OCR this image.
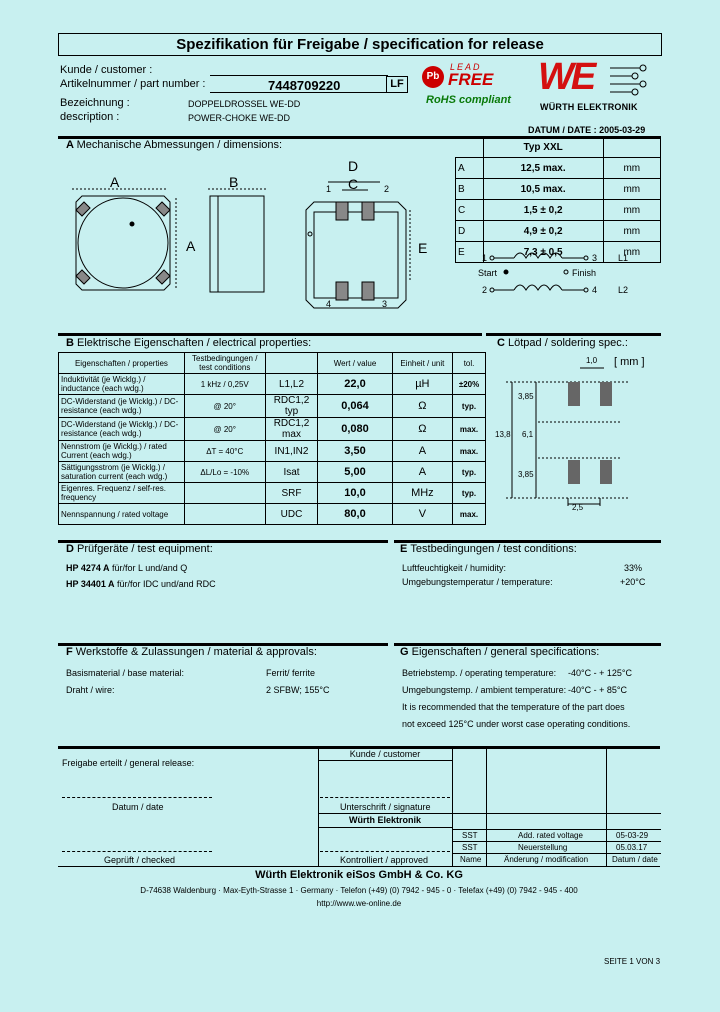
Spezifikation für Freigabe / specification for release
Kunde / customer :
Artikelnummer / part number :	7448709220	LF
Bezeichnung :	DOPPELDROSSEL WE-DD
description :	POWER-CHOKE WE-DD
Pb
LEAD
FREE
RoHS compliant
WE
WÜRTH ELEKTRONIK
DATUM / DATE : 2005-03-29
A Mechanische Abmessungen / dimensions:
A	B
A
D
C
E
1	2
4	3
	Typ XXL	
A	12,5 max.	mm
B	10,5 max.	mm
C	1,5 ± 0,2	mm
D	4,9 ± 0,2	mm
E	7,3 ± 0,5	mm
1	3 L1
Start	Finish
2	4 L2
B Elektrische Eigenschaften / electrical properties:
Eigenschaften / properties	Testbedingungen / test conditions		Wert / value	Einheit / unit	tol.
Induktivität (je Wicklg.) / inductance (each wdg.)	1 kHz / 0,25V	L1,L2	22,0	µH	±20%
DC-Widerstand (je Wicklg.) / DC-resistance (each wdg.)	@ 20°	RDC1,2 typ	0,064	Ω	typ.
DC-Widerstand (je Wicklg.) / DC-resistance (each wdg.)	@ 20°	RDC1,2 max	0,080	Ω	max.
Nennstrom (je Wicklg.) / rated Current (each wdg.)	ΔT = 40°C	IN1,IN2	3,50	A	max.
Sättigungsstrom (je Wicklg.) / saturation current (each wdg.)	ΔL/Lo = -10%	Isat	5,00	A	typ.
Eigenres. Frequenz / self-res. frequency		SRF	10,0	MHz	typ.
Nennspannung / rated voltage		UDC	80,0	V	max.
C Lötpad / soldering spec.:
[ mm ]
1,0
3,85
13,8 6,1
3,85
2,5
D Prüfgeräte / test equipment:
HP 4274 A für/for L und/and Q
HP 34401 A für/for IDC und/and RDC
E Testbedingungen / test conditions:
Luftfeuchtigkeit / humidity:	33%
Umgebungstemperatur / temperature:	+20°C
F Werkstoffe & Zulassungen / material & approvals:
Basismaterial / base material:	Ferrit/ ferrite
Draht / wire:	2 SFBW; 155°C
G Eigenschaften / general specifications:
Betriebstemp. / operating temperature: -40°C - + 125°C
Umgebungstemp. / ambient temperature: -40°C - + 85°C
It is recommended that the temperature of the part does
not exceed 125°C under worst case operating conditions.
Kunde / customer
Freigabe erteilt / general release:
Datum / date	Unterschrift / signature
Würth Elektronik
Geprüft / checked	Kontrolliert / approved
SST	Add. rated voltage	05-03-29
SST	Neuerstellung	05.03.17
Name	Änderung / modification	Datum / date
Würth Elektronik eiSos GmbH & Co. KG
D-74638 Waldenburg · Max-Eyth-Strasse 1 · Germany · Telefon (+49) (0) 7942 - 945 - 0 · Telefax (+49) (0) 7942 - 945 - 400
http://www.we-online.de
SEITE 1 VON 3
